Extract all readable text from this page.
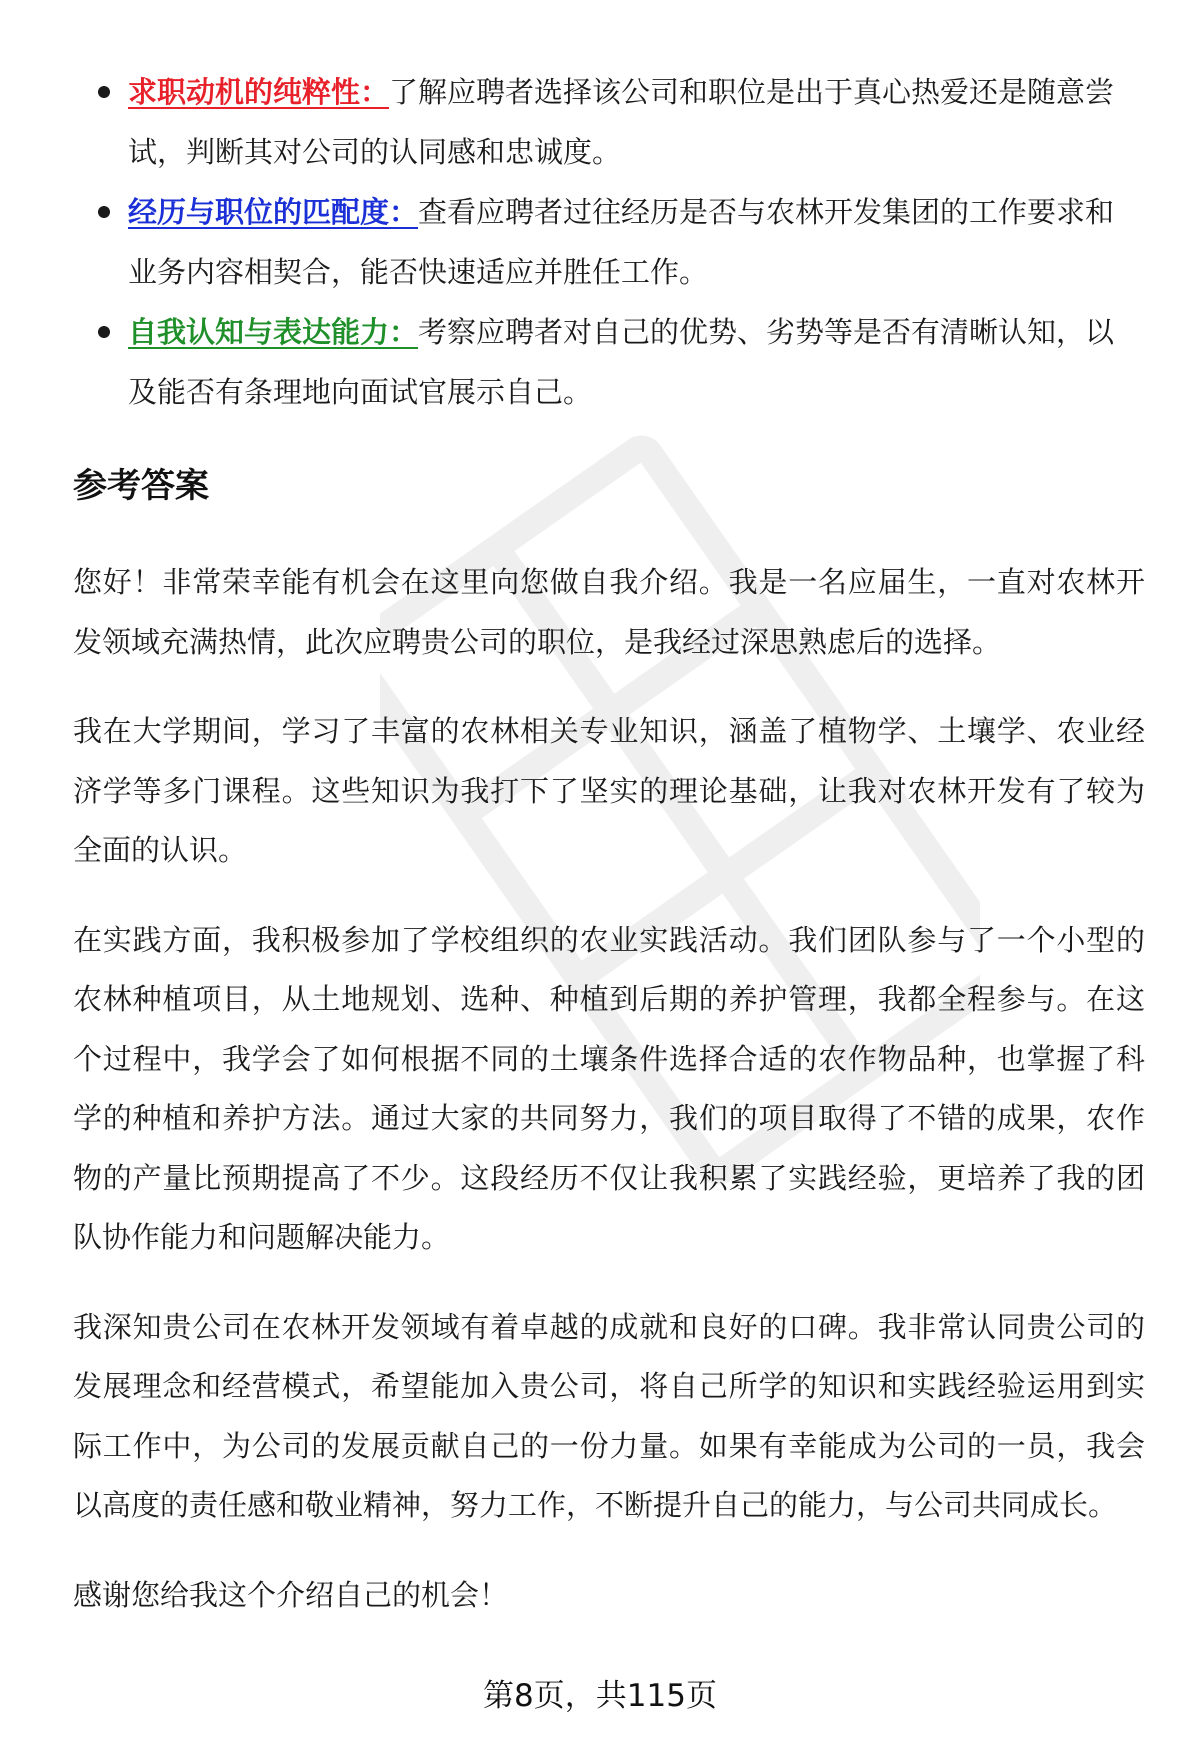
求职动机的纯粹性：了解应聘者选择该公司和职位是出于真心热爱还是随意尝试，判断其对公司的认同感和忠诚度。
经历与职位的匹配度：查看应聘者过往经历是否与农林开发集团的工作要求和业务内容相契合，能否快速适应并胜任工作。
自我认知与表达能力：考察应聘者对自己的优势、劣势等是否有清晰认知，以及能否有条理地向面试官展示自己。
参考答案

您好！非常荣幸能有机会在这里向您做自我介绍。我是一名应届生，一直对农林开发领域充满热情，此次应聘贵公司的职位，是我经过深思熟虑后的选择。

我在大学期间，学习了丰富的农林相关专业知识，涵盖了植物学、土壤学、农业经济学等多门课程。这些知识为我打下了坚实的理论基础，让我对农林开发有了较为全面的认识。

在实践方面，我积极参加了学校组织的农业实践活动。我们团队参与了一个小型的农林种植项目，从土地规划、选种、种植到后期的养护管理，我都全程参与。在这个过程中，我学会了如何根据不同的土壤条件选择合适的农作物品种，也掌握了科学的种植和养护方法。通过大家的共同努力，我们的项目取得了不错的成果，农作物的产量比预期提高了不少。这段经历不仅让我积累了实践经验，更培养了我的团队协作能力和问题解决能力。

我深知贵公司在农林开发领域有着卓越的成就和良好的口碑。我非常认同贵公司的发展理念和经营模式，希望能加入贵公司，将自己所学的知识和实践经验运用到实际工作中，为公司的发展贡献自己的一份力量。如果有幸能成为公司的一员，我会以高度的责任感和敬业精神，努力工作，不断提升自己的能力，与公司共同成长。

感谢您给我这个介绍自己的机会！

第8页，共115页
